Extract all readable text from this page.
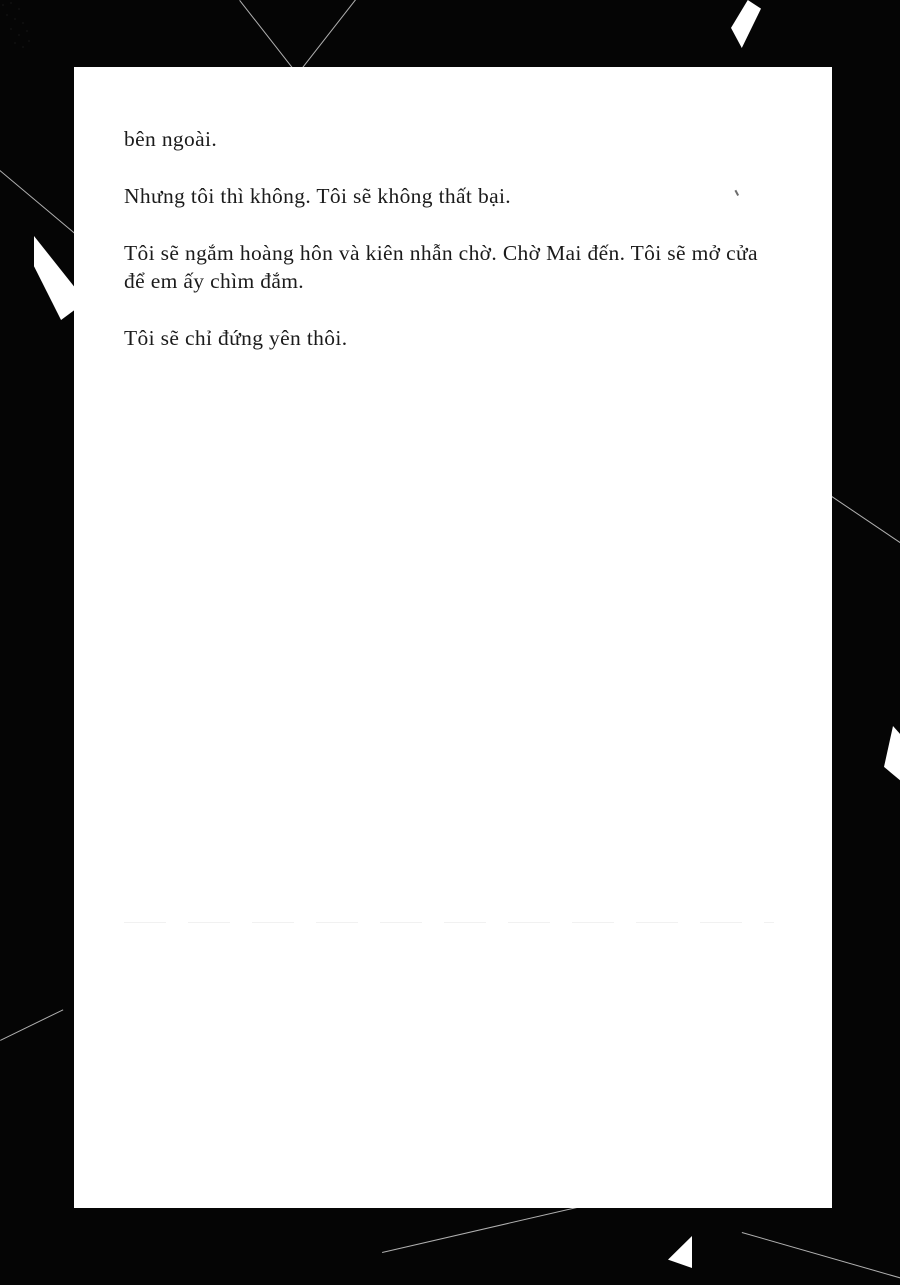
bên ngoài.

Nhưng tôi thì không. Tôi sẽ không thất bại.

Tôi sẽ ngắm hoàng hôn và kiên nhẫn chờ. Chờ Mai đến. Tôi sẽ mở cửa để em ấy chìm đắm.

Tôi sẽ chỉ đứng yên thôi.
